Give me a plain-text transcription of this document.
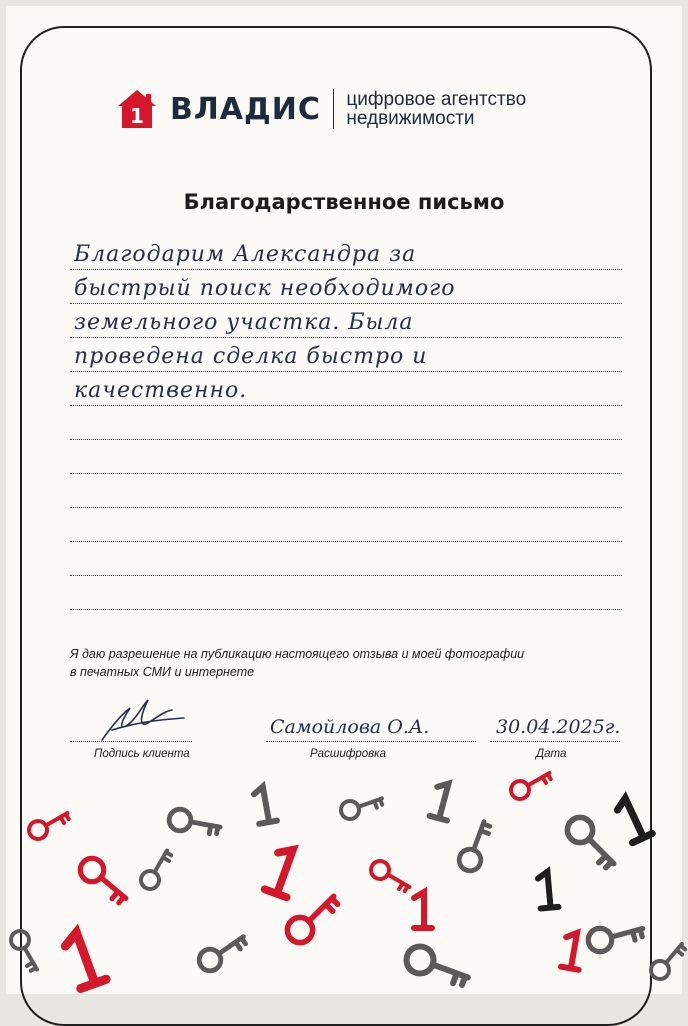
1 ВЛАДИС цифровое агентство
недвижимости
Благодарственное письмо
Благодарим Александра за
быстрый поиск необходимого
земельного участка. Была
проведена сделка быстро и
качественно.
Я даю разрешение на публикацию настоящего отзыва и моей фотографии
в печатных СМИ и интернете
Подпись клиента
Самойлова О.А.
Расшифровка
30.04.2025г.
Дата
